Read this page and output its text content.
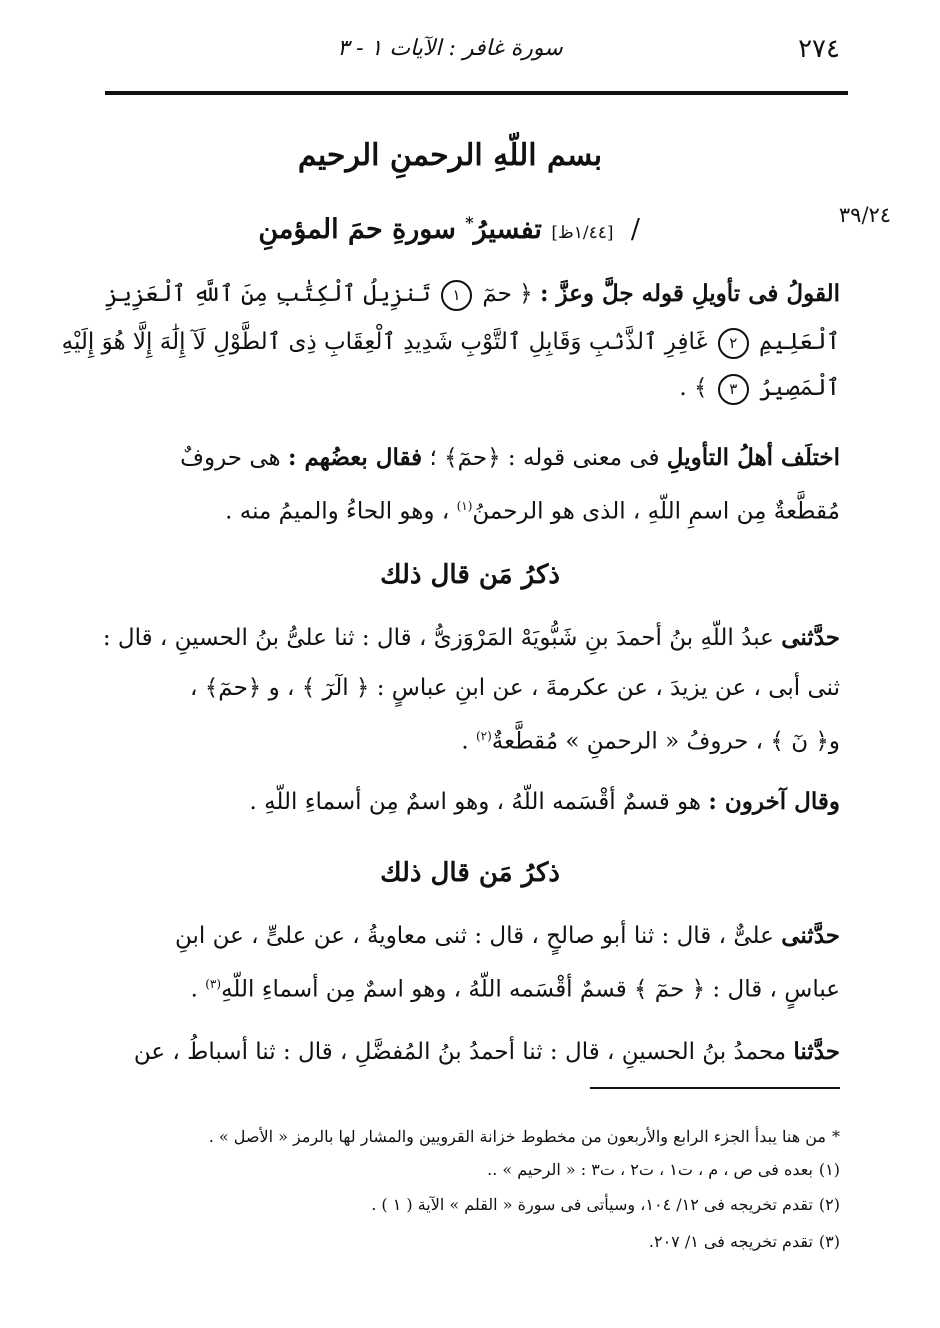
٢٧٤
سورة غافر : الآيات ١ - ٣
٣٩/٢٤
بسم اللّهِ الرحمنِ الرحيم
/ [١/٤٤ظ] تفسيرُ* سورةِ حمَ المؤمنِ
القولُ فى تأويلِ قوله جلَّ وعزَّ : ﴿ حمٓ ١ تَنزِيلُ ٱلْكِتَٰبِ مِنَ ٱللَّهِ ٱلْعَزِيزِ
ٱلْعَلِيمِ ٢ غَافِرِ ٱلذَّنۢبِ وَقَابِلِ ٱلتَّوْبِ شَدِيدِ ٱلْعِقَابِ ذِى ٱلطَّوْلِ لَآ إِلَٰهَ إِلَّا هُوَ إِلَيْهِ
ٱلْمَصِيرُ ٣ ﴾ .
اختلَف أهلُ التأويلِ فى معنى قوله : ﴿حمٓ﴾ ؛ فقال بعضُهم : هى حروفٌ
مُقطَّعةٌ مِن اسمِ اللّهِ ، الذى هو الرحمنُ$^{(١)}$ ، وهو الحاءُ والميمُ منه .
ذكرُ مَن قال ذلك
حدَّثنى عبدُ اللّهِ بنُ أحمدَ بنِ شَبُّويَهْ المَرْوَزىُّ ، قال : ثنا علىُّ بنُ الحسينِ ، قال :
ثنى أبى ، عن يزيدَ ، عن عكرمةَ ، عن ابنِ عباسٍ : ﴿ الٓرٓ ﴾ ، و ﴿حمٓ﴾ ،
و﴿ نٓ ﴾ ، حروفُ « الرحمنِ » مُقطَّعةٌ$^{(٢)}$ .
وقال آخرون : هو قسمٌ أقْسَمه اللّهُ ، وهو اسمٌ مِن أسماءِ اللّهِ .
ذكرُ مَن قال ذلك
حدَّثنى علىٌّ ، قال : ثنا أبو صالحٍ ، قال : ثنى معاويةُ ، عن علىٍّ ، عن ابنِ
عباسٍ ، قال : ﴿ حمٓ ﴾ قسمٌ أقْسَمه اللّهُ ، وهو اسمٌ مِن أسماءِ اللّهِ$^{(٣)}$ .
حدَّثنا محمدُ بنُ الحسينِ ، قال : ثنا أحمدُ بنُ المُفضَّلِ ، قال : ثنا أسباطُ ، عن
*من هنا يبدأ الجزء الرابع والأربعون من مخطوط خزانة القرويين والمشار لها بالرمز « الأصل » .
(١)بعده فى ص ، م ، ت١ ، ت٢ ، ت٣ : « الرحيم » ..
(٢)تقدم تخريجه فى ١٢/ ١٠٤، وسيأتى فى سورة « القلم » الآية ( ١ ) .
(٣)تقدم تخريجه فى ١/ ٢٠٧.
